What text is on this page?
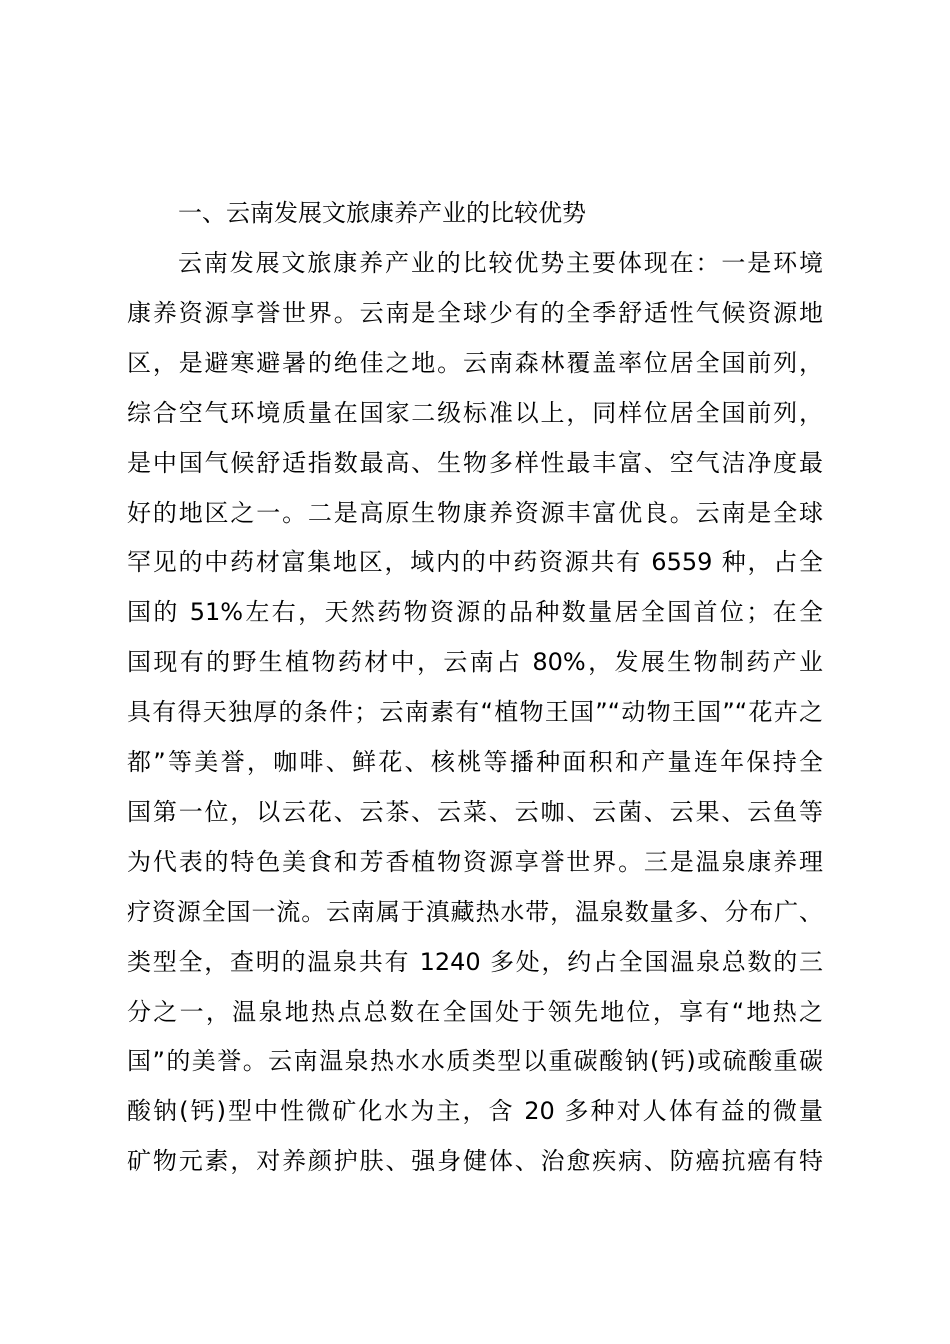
一、云南发展文旅康养产业的比较优势
云南发展文旅康养产业的比较优势主要体现在：一是环境
康养资源享誉世界。云南是全球少有的全季舒适性气候资源地
区，是避寒避暑的绝佳之地。云南森林覆盖率位居全国前列，
综合空气环境质量在国家二级标准以上，同样位居全国前列，
是中国气候舒适指数最高、生物多样性最丰富、空气洁净度最
好的地区之一。二是高原生物康养资源丰富优良。云南是全球
罕见的中药材富集地区，域内的中药资源共有 6559 种，占全
国的 51%左右，天然药物资源的品种数量居全国首位；在全
国现有的野生植物药材中，云南占 80%，发展生物制药产业
具有得天独厚的条件；云南素有“植物王国”“动物王国”“花卉之
都”等美誉，咖啡、鲜花、核桃等播种面积和产量连年保持全
国第一位，以云花、云茶、云菜、云咖、云菌、云果、云鱼等
为代表的特色美食和芳香植物资源享誉世界。三是温泉康养理
疗资源全国一流。云南属于滇藏热水带，温泉数量多、分布广、
类型全，查明的温泉共有 1240 多处，约占全国温泉总数的三
分之一，温泉地热点总数在全国处于领先地位，享有“地热之
国”的美誉。云南温泉热水水质类型以重碳酸钠(钙)或硫酸重碳
酸钠(钙)型中性微矿化水为主，含 20 多种对人体有益的微量
矿物元素，对养颜护肤、强身健体、治愈疾病、防癌抗癌有特
